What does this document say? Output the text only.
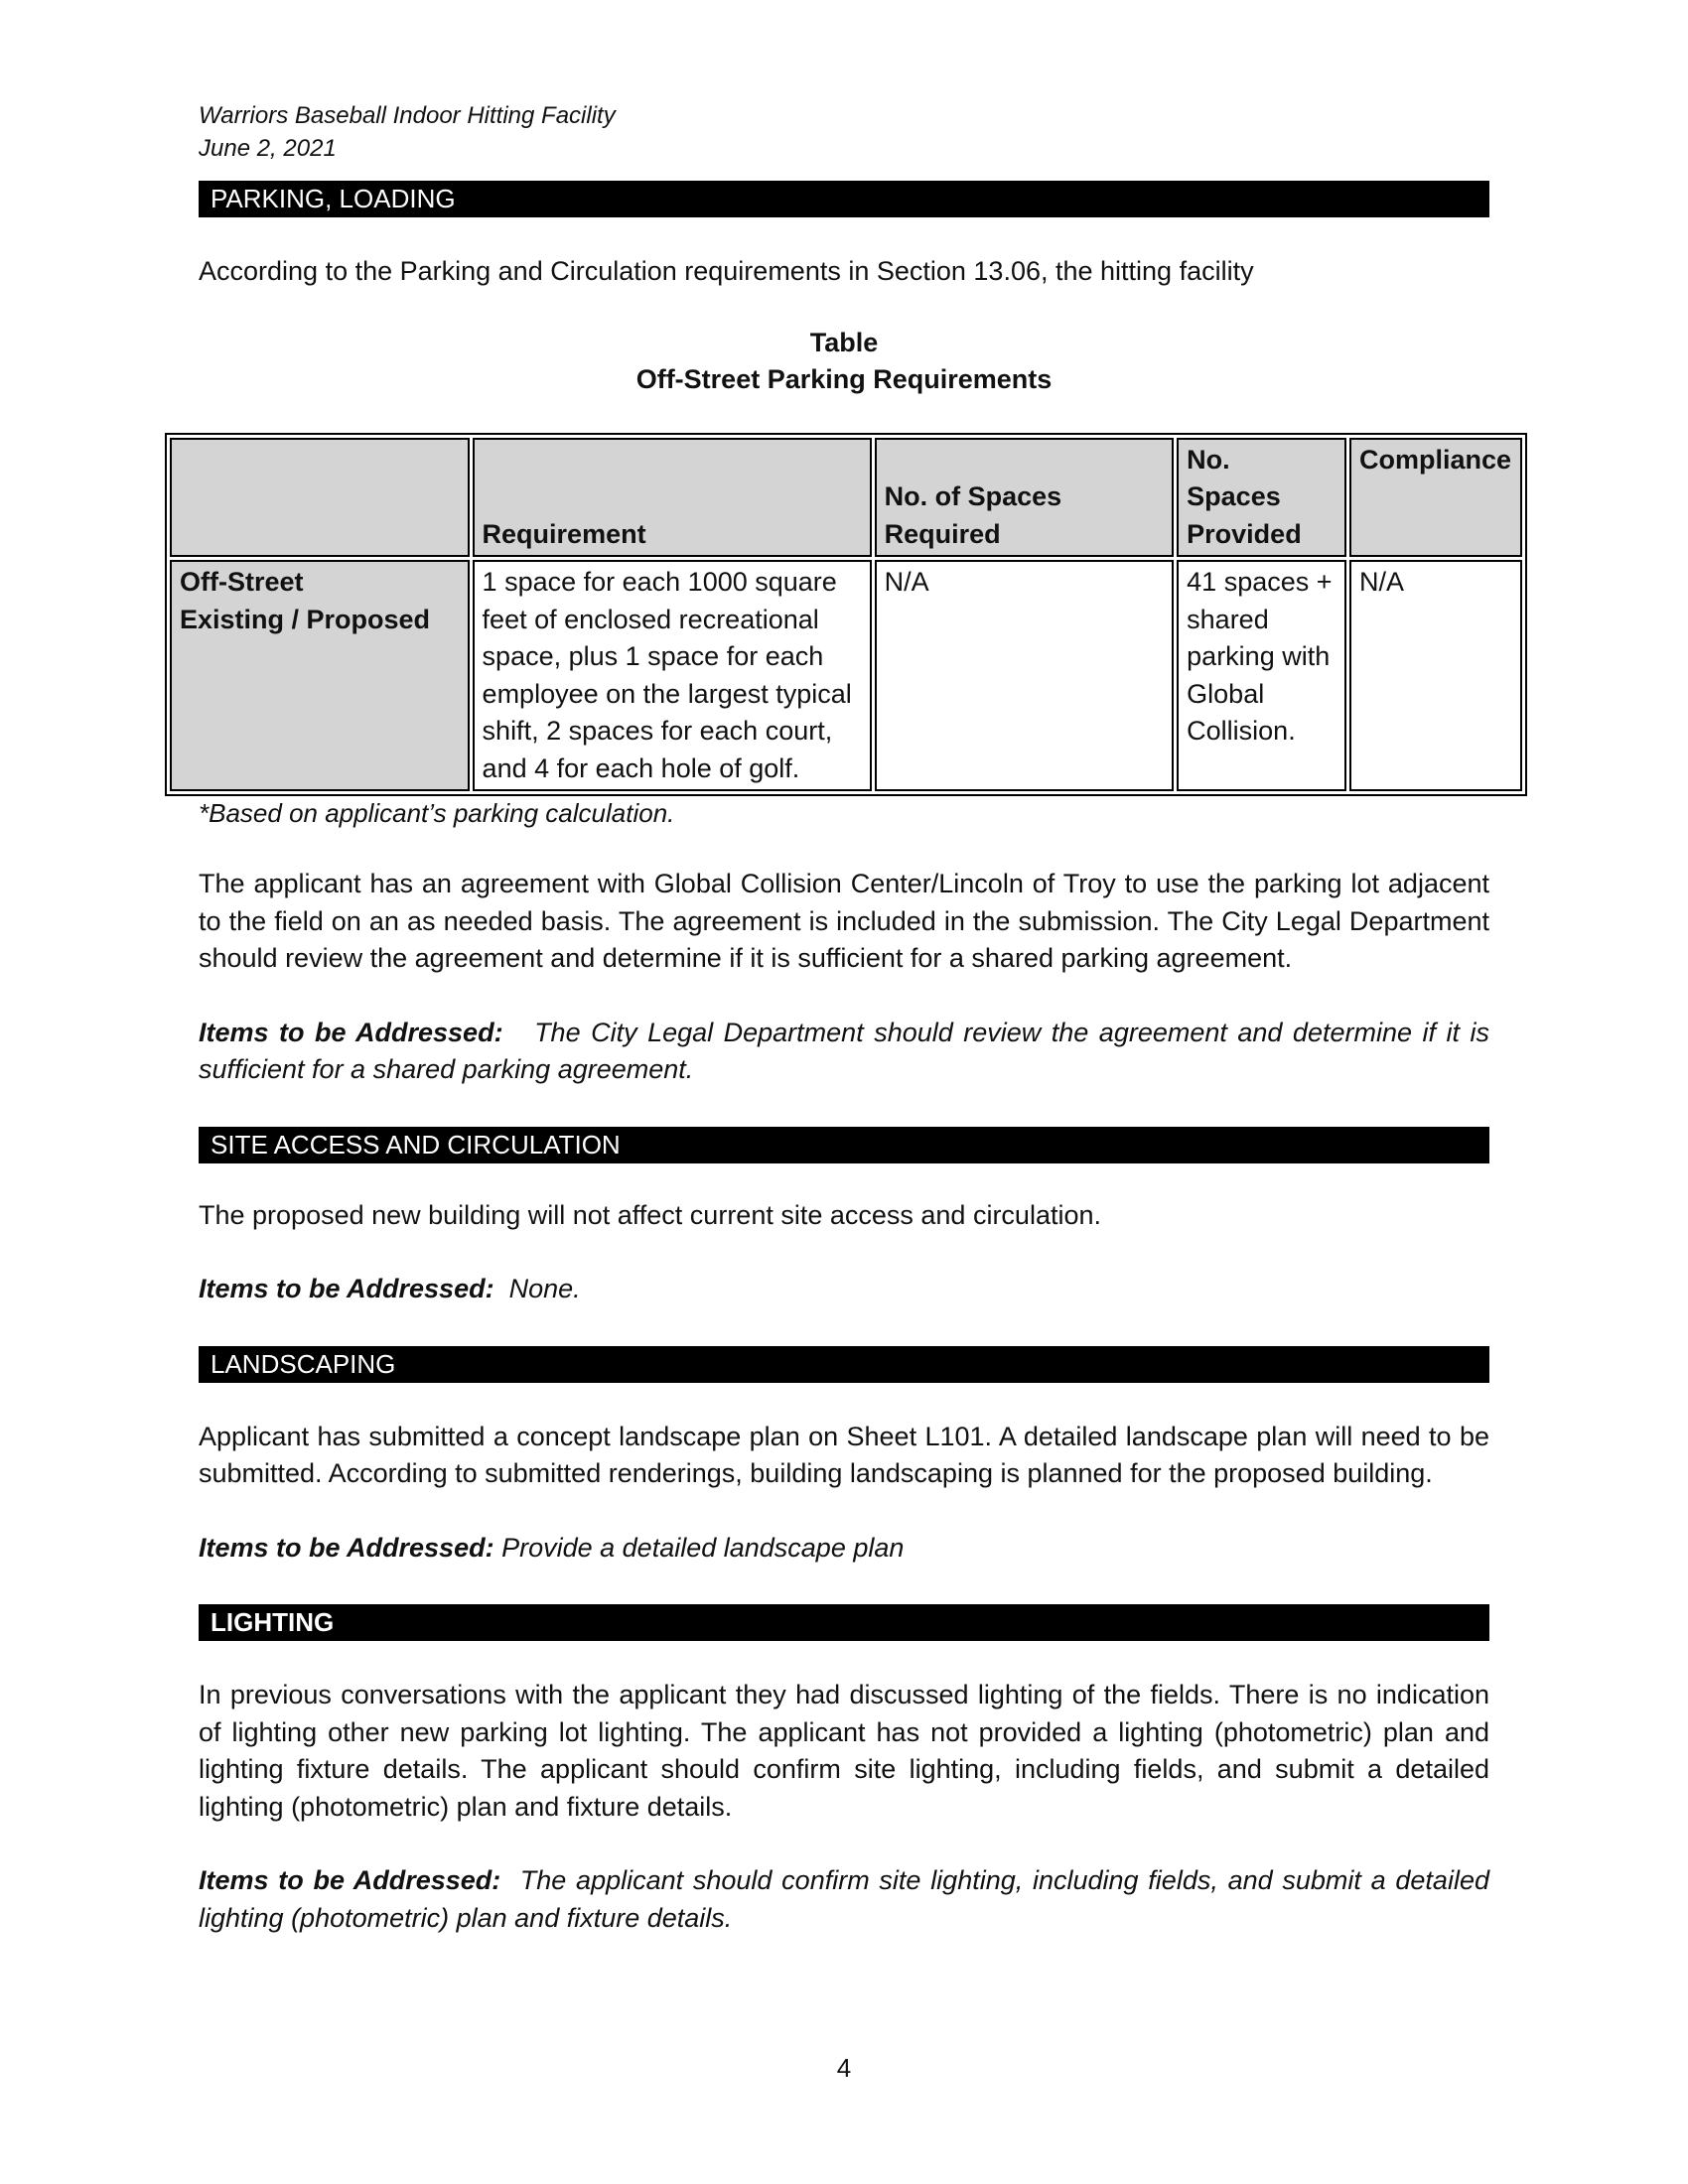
Warriors Baseball Indoor Hitting Facility
June 2, 2021
PARKING, LOADING

According to the Parking and Circulation requirements in Section 13.06, the hitting facility

Table
Off-Street Parking Requirements
	Requirement	No. of Spaces Required	No.  Spaces Provided	Compliance

Off-Street
Existing / Proposed	1 space for each 1000 square feet of enclosed recreational space, plus 1 space for each employee on the largest typical shift, 2 spaces for each court, and 4 for each hole of golf.	N/A	41 spaces + shared parking with Global Collision.	N/A
*Based on applicant’s parking calculation.

The applicant has an agreement with Global Collision Center/Lincoln of Troy to use the parking lot adjacent to the field on an as needed basis. The agreement is included in the submission. The City Legal Department should review the agreement and determine if it is sufficient for a shared parking agreement.

Items to be Addressed: The City Legal Department should review the agreement and determine if it is sufficient for a shared parking agreement.

SITE ACCESS AND CIRCULATION

The proposed new building will not affect current site access and circulation.

Items to be Addressed: None.

LANDSCAPING

Applicant has submitted a concept landscape plan on Sheet L101. A detailed landscape plan will need to be submitted. According to submitted renderings, building landscaping is planned for the proposed building.

Items to be Addressed: Provide a detailed landscape plan

LIGHTING

In previous conversations with the applicant they had discussed lighting of the fields. There is no indication of lighting other new parking lot lighting. The applicant has not provided a lighting (photometric) plan and lighting fixture details. The applicant should confirm site lighting, including fields, and submit a detailed lighting (photometric) plan and fixture details.

Items to be Addressed: The applicant should confirm site lighting, including fields, and submit a detailed lighting (photometric) plan and fixture details.

4
